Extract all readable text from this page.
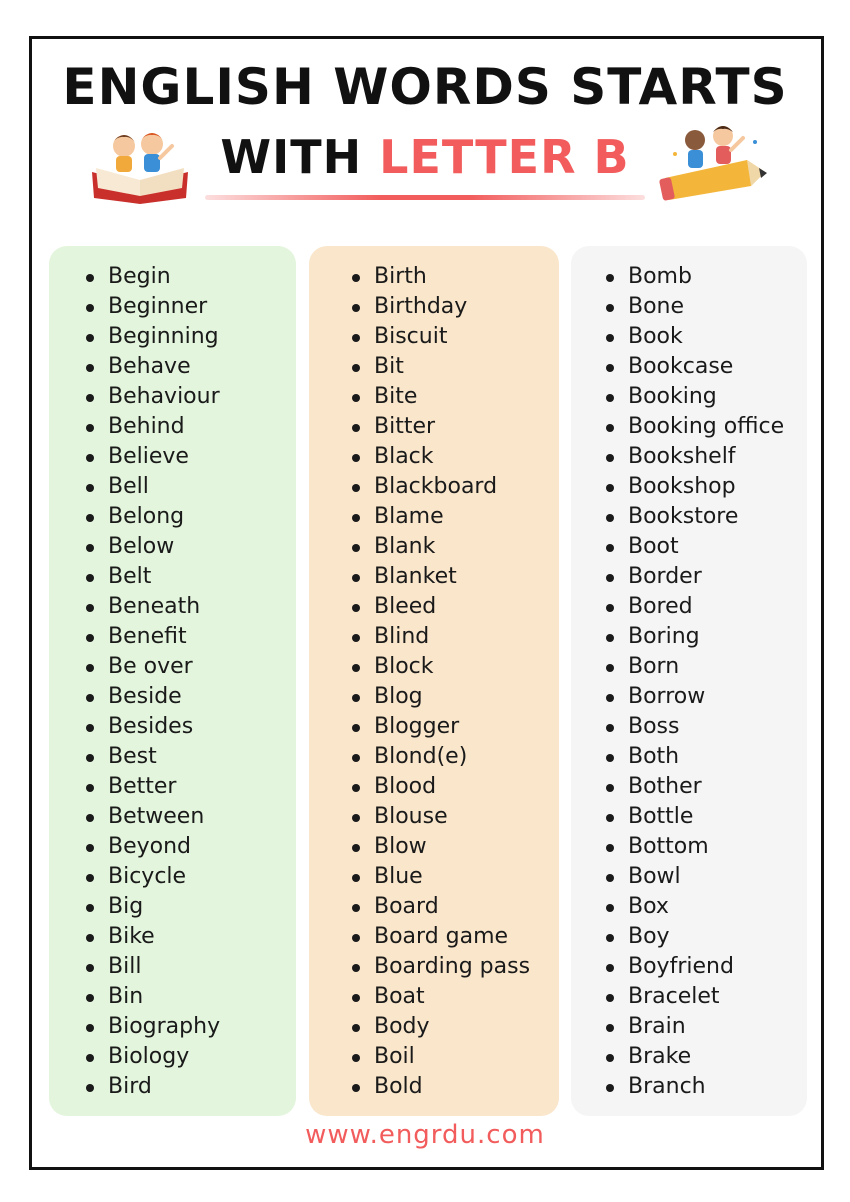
ENGLISH WORDS STARTS
WITH LETTER B
Begin
Beginner
Beginning
Behave
Behaviour
Behind
Believe
Bell
Belong
Below
Belt
Beneath
Benefit
Be over
Beside
Besides
Best
Better
Between
Beyond
Bicycle
Big
Bike
Bill
Bin
Biography
Biology
Bird
Birth
Birthday
Biscuit
Bit
Bite
Bitter
Black
Blackboard
Blame
Blank
Blanket
Bleed
Blind
Block
Blog
Blogger
Blond(e)
Blood
Blouse
Blow
Blue
Board
Board game
Boarding pass
Boat
Body
Boil
Bold
Bomb
Bone
Book
Bookcase
Booking
Booking office
Bookshelf
Bookshop
Bookstore
Boot
Border
Bored
Boring
Born
Borrow
Boss
Both
Bother
Bottle
Bottom
Bowl
Box
Boy
Boyfriend
Bracelet
Brain
Brake
Branch
www.engrdu.com
